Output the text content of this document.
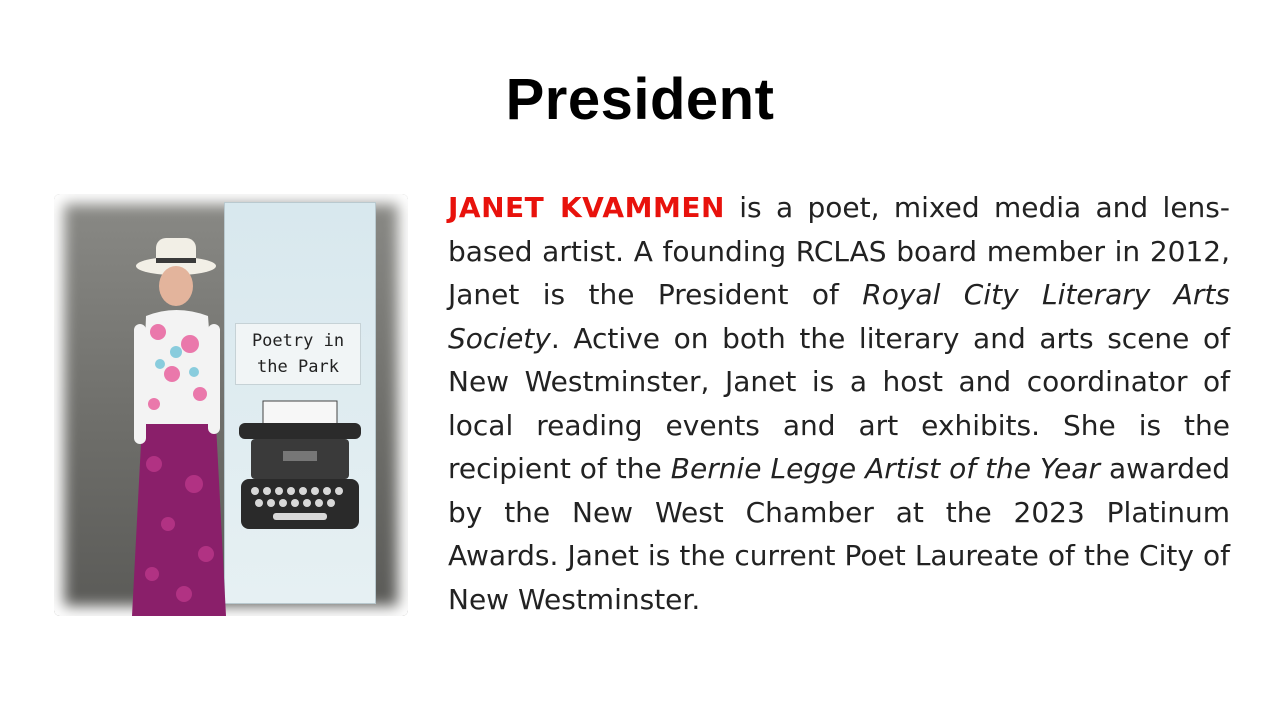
President
Poetry in
the Park
JANET KVAMMEN is a poet, mixed media and lens-based artist. A founding RCLAS board member in 2012, Janet is the President of Royal City Literary Arts Society. Active on both the literary and arts scene of New Westminster, Janet is a host and coordinator of local reading events and art exhibits. She is the recipient of the Bernie Legge Artist of the Year awarded by the New West Chamber at the 2023 Platinum Awards. Janet is the current Poet Laureate of the City of New Westminster.
